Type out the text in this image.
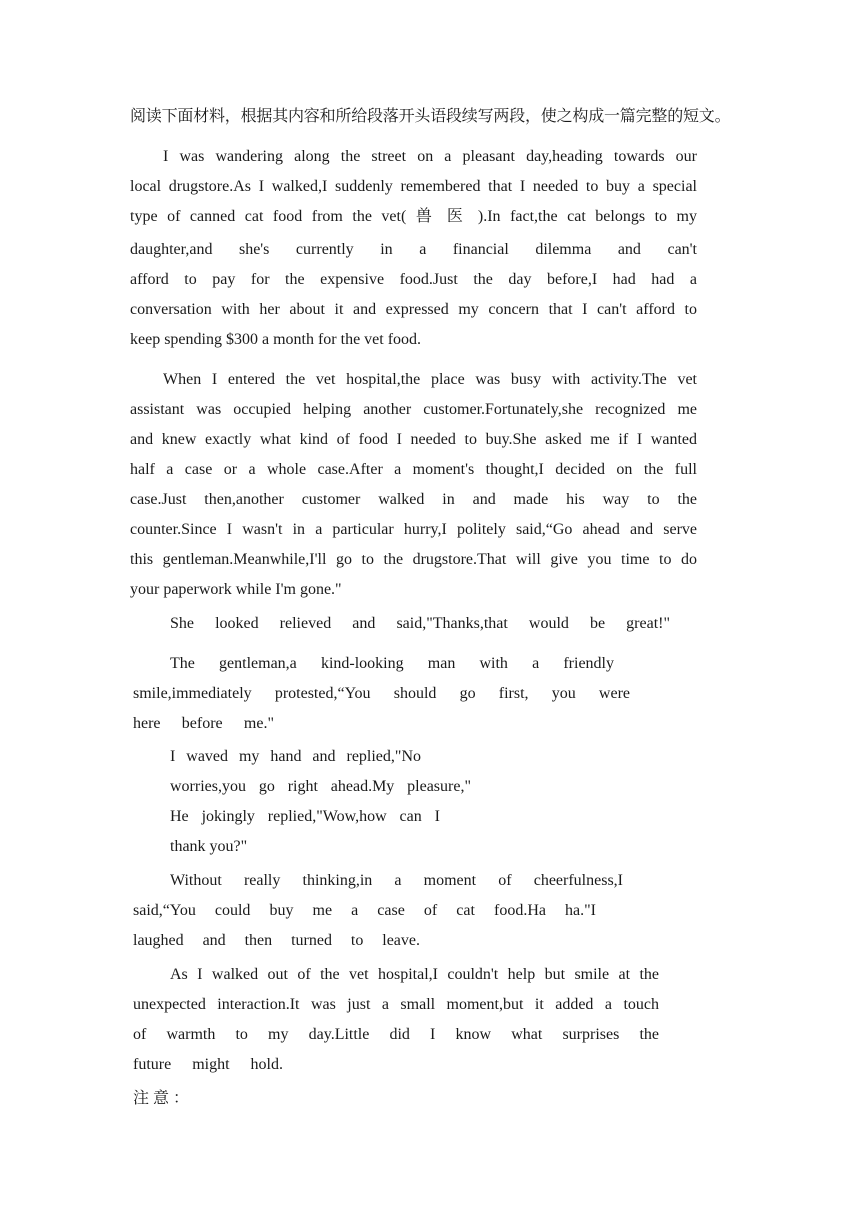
阅读下面材料，根据其内容和所给段落开头语段续写两段，使之构成一篇完整的短文。

I was wandering along the street on a pleasant day,heading towards our

local drugstore.As I walked,I suddenly remembered that I needed to buy a special

type of canned cat food from the vet( 兽 医 ).In fact,the cat belongs to my

daughter,and she's currently in a financial dilemma and can't

afford to pay for the expensive food.Just the day before,I had had a

conversation with her about it and expressed my concern that I can't afford to

keep spending $300 a month for the vet food.

When I entered the vet hospital,the place was busy with activity.The vet

assistant was occupied helping another customer.Fortunately,she recognized me

and knew exactly what kind of food I needed to buy.She asked me if I wanted

half a case or a whole case.After a moment's thought,I decided on the full

case.Just then,another customer walked in and made his way to the

counter.Since I wasn't in a particular hurry,I politely said,“Go ahead and serve

this gentleman.Meanwhile,I'll go to the drugstore.That will give you time to do

your paperwork while I'm gone."

She looked relieved and said,"Thanks,that would be great!"

The gentleman,a kind-looking man with a friendly

smile,immediately protested,“You should go first, you were

here before me."

I waved my hand and replied,"No

worries,you go right ahead.My pleasure,"

He jokingly replied,"Wow,how can I

thank you?"

Without really thinking,in a moment of cheerfulness,I

said,“You could buy me a case of cat food.Ha ha."I

laughed and then turned to leave.

As I walked out of the vet hospital,I couldn't help but smile at the

unexpected interaction.It was just a small moment,but it added a touch

of warmth to my day.Little did I know what surprises the

future might hold.

注 意 ：
